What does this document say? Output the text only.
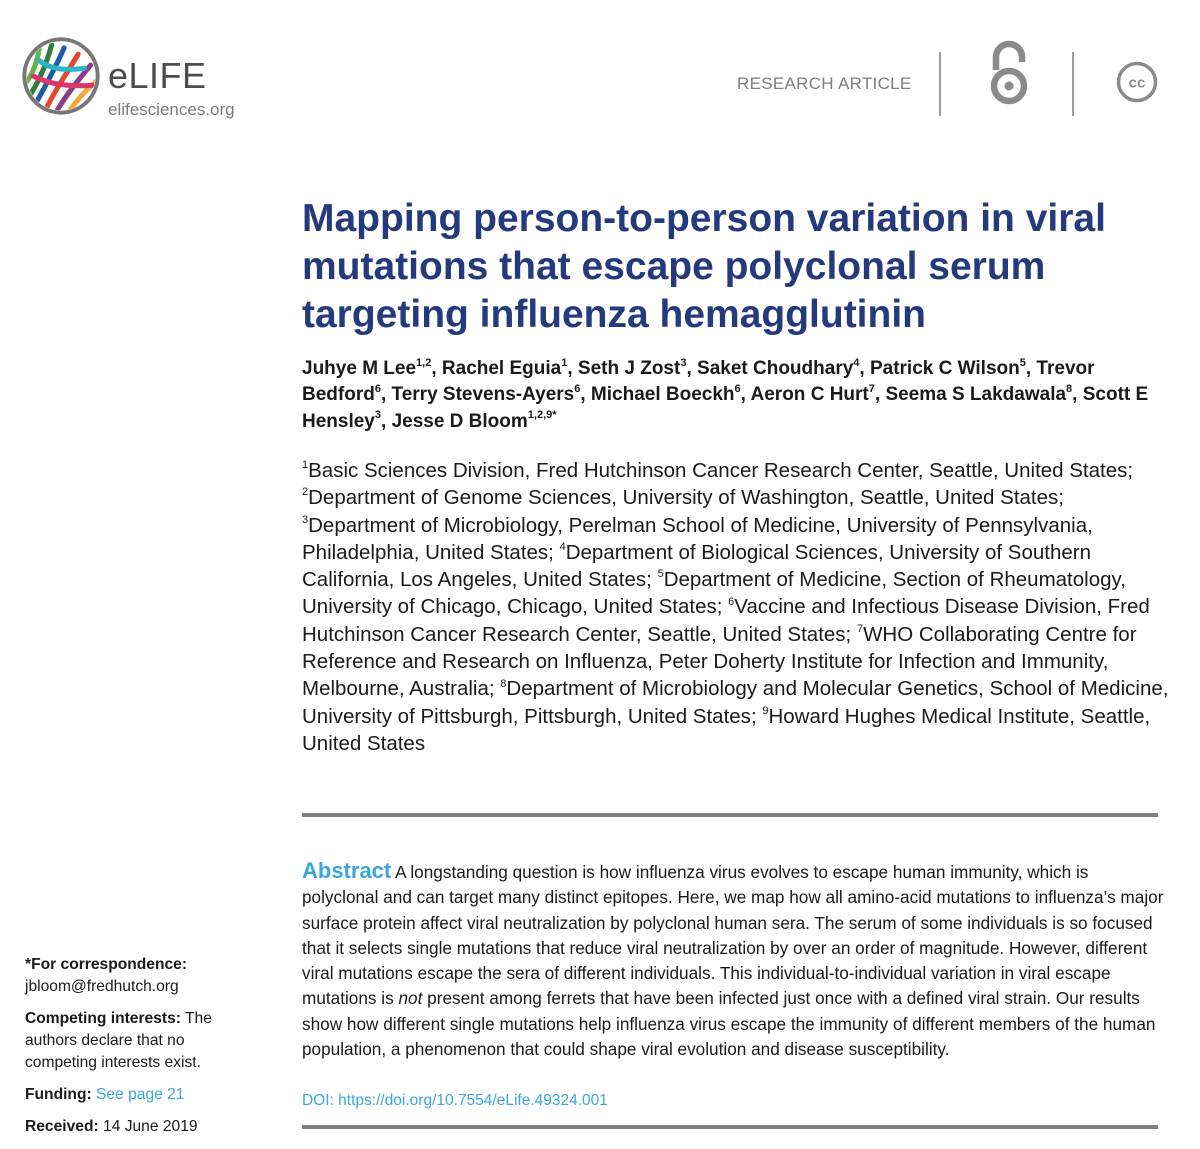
eLIFE
elifesciences.org
RESEARCH ARTICLE	cc
Mapping person-to-person variation in viral mutations that escape polyclonal serum targeting influenza hemagglutinin
Juhye M Lee$^{1,2}$, Rachel Eguia$^1$, Seth J Zost$^3$, Saket Choudhary$^4$, Patrick C Wilson$^5$, Trevor Bedford$^6$, Terry Stevens-Ayers$^6$, Michael Boeckh$^6$, Aeron C Hurt$^7$, Seema S Lakdawala$^8$, Scott E Hensley$^3$, Jesse D Bloom$^{1,2,9*}$
$^1$Basic Sciences Division, Fred Hutchinson Cancer Research Center, Seattle, United States; $^2$Department of Genome Sciences, University of Washington, Seattle, United States; $^3$Department of Microbiology, Perelman School of Medicine, University of Pennsylvania, Philadelphia, United States; $^4$Department of Biological Sciences, University of Southern California, Los Angeles, United States; $^5$Department of Medicine, Section of Rheumatology, University of Chicago, Chicago, United States; $^6$Vaccine and Infectious Disease Division, Fred Hutchinson Cancer Research Center, Seattle, United States; $^7$WHO Collaborating Centre for Reference and Research on Influenza, Peter Doherty Institute for Infection and Immunity, Melbourne, Australia; $^8$Department of Microbiology and Molecular Genetics, School of Medicine, University of Pittsburgh, Pittsburgh, United States; $^9$Howard Hughes Medical Institute, Seattle, United States
Abstract A longstanding question is how influenza virus evolves to escape human immunity, which is polyclonal and can target many distinct epitopes. Here, we map how all amino-acid mutations to influenza’s major surface protein affect viral neutralization by polyclonal human sera. The serum of some individuals is so focused that it selects single mutations that reduce viral neutralization by over an order of magnitude. However, different viral mutations escape the sera of different individuals. This individual-to-individual variation in viral escape mutations is not present among ferrets that have been infected just once with a defined viral strain. Our results show how different single mutations help influenza virus escape the immunity of different members of the human population, a phenomenon that could shape viral evolution and disease susceptibility.
DOI: https://doi.org/10.7554/eLife.49324.001

*For correspondence:
jbloom@fredhutch.org

Competing interests: The authors declare that no competing interests exist.

Funding: See page 21

Received: 14 June 2019
